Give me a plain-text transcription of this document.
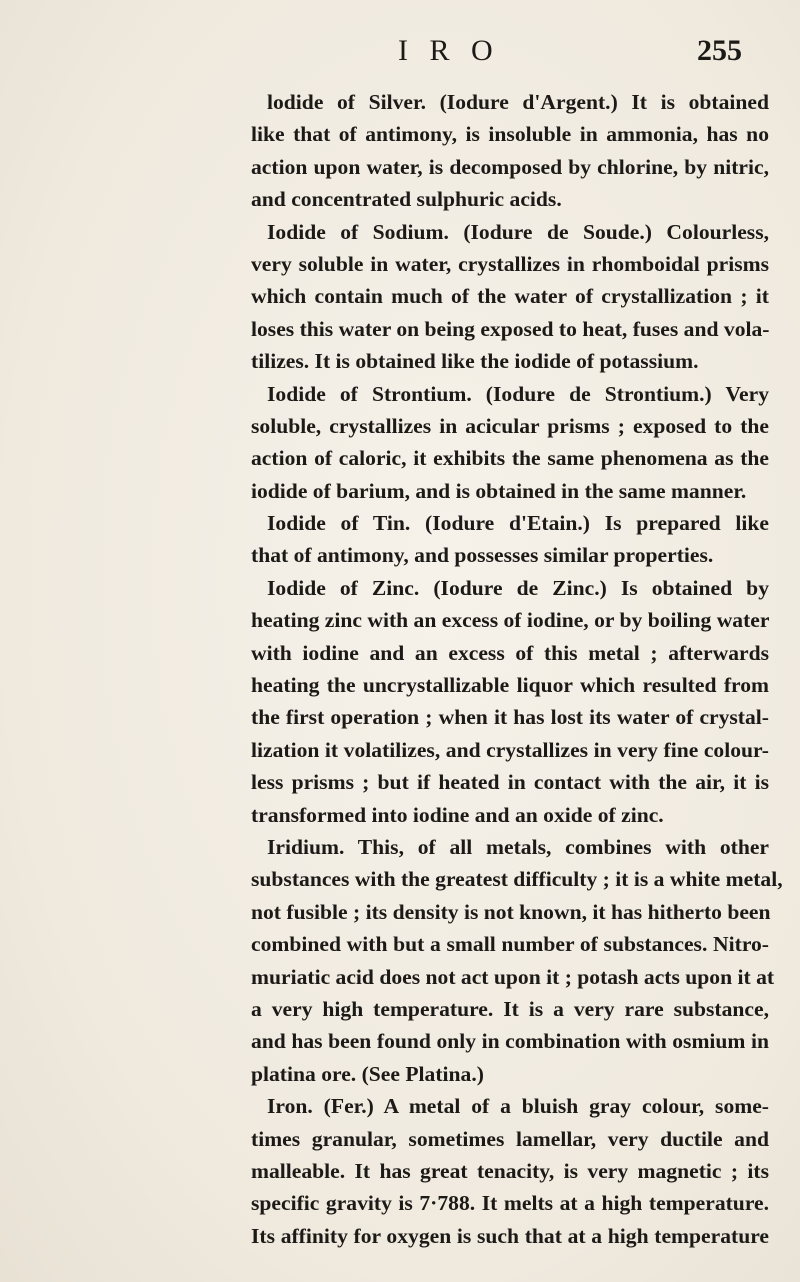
I R O	255
lodide of Silver. (Iodure d'Argent.) It is obtained
like that of antimony, is insoluble in ammonia, has no
action upon water, is decomposed by chlorine, by nitric,
and concentrated sulphuric acids.
Iodide of Sodium. (Iodure de Soude.) Colourless,
very soluble in water, crystallizes in rhomboidal prisms
which contain much of the water of crystallization ; it
loses this water on being exposed to heat, fuses and vola-
tilizes. It is obtained like the iodide of potassium.
Iodide of Strontium. (Iodure de Strontium.) Very
soluble, crystallizes in acicular prisms ; exposed to the
action of caloric, it exhibits the same phenomena as the
iodide of barium, and is obtained in the same manner.
Iodide of Tin. (Iodure d'Etain.) Is prepared like
that of antimony, and possesses similar properties.
Iodide of Zinc. (Iodure de Zinc.) Is obtained by
heating zinc with an excess of iodine, or by boiling water
with iodine and an excess of this metal ; afterwards
heating the uncrystallizable liquor which resulted from
the first operation ; when it has lost its water of crystal-
lization it volatilizes, and crystallizes in very fine colour-
less prisms ; but if heated in contact with the air, it is
transformed into iodine and an oxide of zinc.
Iridium. This, of all metals, combines with other
substances with the greatest difficulty ; it is a white metal,
not fusible ; its density is not known, it has hitherto been
combined with but a small number of substances. Nitro-
muriatic acid does not act upon it ; potash acts upon it at
a very high temperature. It is a very rare substance,
and has been found only in combination with osmium in
platina ore. (See Platina.)
Iron. (Fer.) A metal of a bluish gray colour, some-
times granular, sometimes lamellar, very ductile and
malleable. It has great tenacity, is very magnetic ; its
specific gravity is 7·788. It melts at a high temperature.
Its affinity for oxygen is such that at a high temperature
